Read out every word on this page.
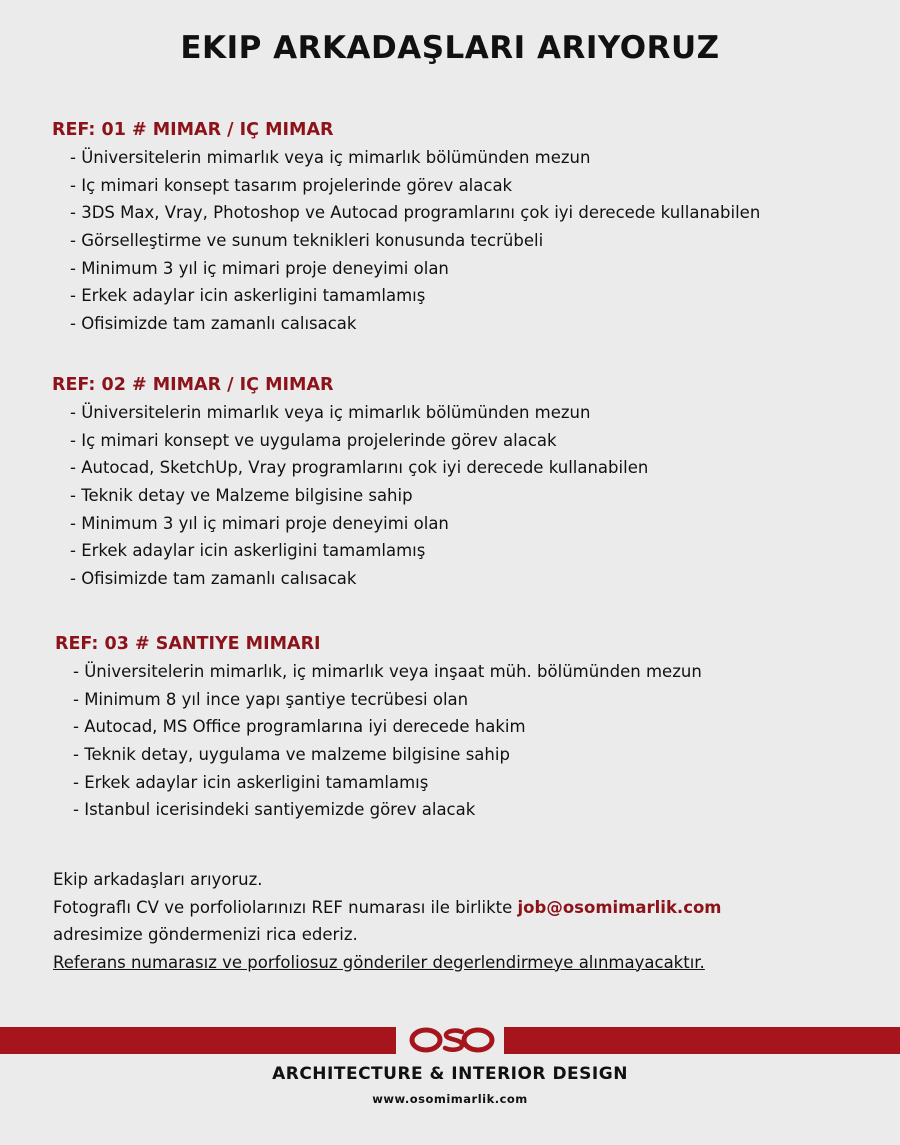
EKIP ARKADAŞLARI ARIYORUZ
REF: 01 # MIMAR / IÇ MIMAR
- Üniversitelerin mimarlık veya iç mimarlık bölümünden mezun
- Iç mimari konsept tasarım projelerinde görev alacak
- 3DS Max, Vray, Photoshop ve Autocad programlarını çok iyi derecede kullanabilen
- Görselleştirme ve sunum teknikleri konusunda tecrübeli
- Minimum 3 yıl iç mimari proje deneyimi olan
- Erkek adaylar icin askerligini tamamlamış
- Ofisimizde tam zamanlı calısacak
REF: 02 # MIMAR / IÇ MIMAR
- Üniversitelerin mimarlık veya iç mimarlık bölümünden mezun
- Iç mimari konsept ve uygulama projelerinde görev alacak
- Autocad, SketchUp, Vray programlarını çok iyi derecede kullanabilen
- Teknik detay ve Malzeme bilgisine sahip
- Minimum 3 yıl iç mimari proje deneyimi olan
- Erkek adaylar icin askerligini tamamlamış
- Ofisimizde tam zamanlı calısacak
REF: 03 # SANTIYE MIMARI
- Üniversitelerin mimarlık, iç mimarlık veya inşaat müh. bölümünden mezun
- Minimum 8 yıl ince yapı şantiye tecrübesi olan
- Autocad, MS Office programlarına iyi derecede hakim
- Teknik detay, uygulama ve malzeme bilgisine sahip
- Erkek adaylar icin askerligini tamamlamış
- Istanbul icerisindeki santiyemizde görev alacak

Ekip arkadaşları arıyoruz.

Fotograflı CV ve porfoliolarınızı REF numarası ile birlikte job@osomimarlik.com

adresimize göndermenizi rica ederiz.

Referans numarasız ve porfoliosuz gönderiler degerlendirmeye alınmayacaktır.

ARCHITECTURE & INTERIOR DESIGN
www.osomimarlik.com
